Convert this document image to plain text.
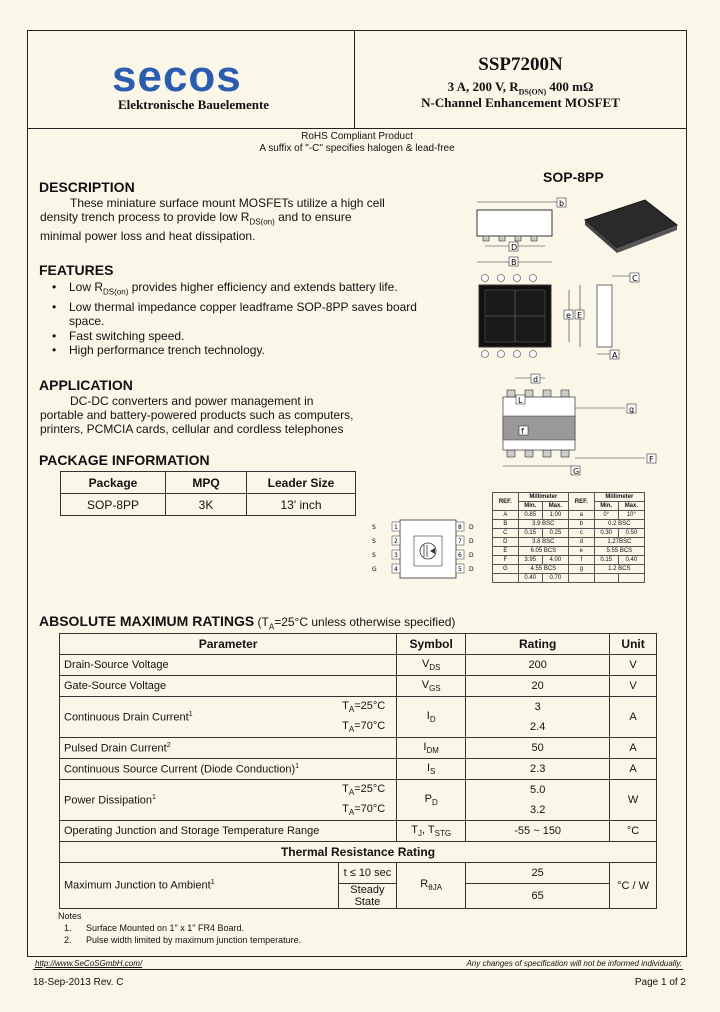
secos
Elektronische Bauelemente
SSP7200N
3 A, 200 V, $R_{DS(ON)}$ 400 mΩ
N-Channel Enhancement MOSFET
RoHS Compliant Product
A suffix of "-C" specifies halogen & lead-free
DESCRIPTION
These miniature surface mount MOSFETs utilize a high cell
density trench process to provide low $R_{DS(on)}$ and to ensure
minimal power loss and heat dissipation.
FEATURES
• Low $R_{DS(on)}$ provides higher efficiency and extends battery life.
• Low thermal impedance copper leadframe SOP-8PP saves board space.
• Fast switching speed.
• High performance trench technology.
APPLICATION
DC-DC converters and power management in
portable and battery-powered products such as computers,
printers, PCMCIA cards, cellular and cordless telephones
PACKAGE INFORMATION
Package	MPQ	Leader Size
SOP-8PP	3K	13' inch
SOP-8PP
b
D
B
C
e E
A
d
L
g
f
F
G
1
2
3
4
8
7
6
5
S
S
S
G
D
D
D
D
REF.	Millimeter		REF.	Millimeter	
	Min.	Max.		Min.	Max.
A	0.85	1.00	a	0°	10°
B	3.9 BSC		b	0.2 BSC	
C	0.15	0.25	c	0.30	0.50
D	3.8 BSC		d	1.27BSC	
E	6.05 BCS		e	5.55 BCS	
F	3.95	4.00	f	0.15	0.40
G	4.55 BCS		g	1.2 BCS	
	0.40	0.70			
ABSOLUTE MAXIMUM RATINGS ($T_A=25^\circ C$ unless otherwise specified)
Parameter		Symbol	Rating	Unit
Drain-Source Voltage		$V_{DS}$	200	V
Gate-Source Voltage		$V_{GS}$	20	V
Continuous Drain Current$^1$	$T_A=25^\circ C$	$I_D$	3	A
	$T_A=70^\circ C$		2.4	
Pulsed Drain Current$^2$		$I_{DM}$	50	A
Continuous Source Current (Diode Conduction)$^1$		$I_S$	2.3	A
Power Dissipation$^1$	$T_A=25^\circ C$	$P_D$	5.0	W
	$T_A=70^\circ C$		3.2	
Operating Junction and Storage Temperature Range		$T_J$, $T_{STG}$	-55 ~ 150	°C
Thermal Resistance Rating				
Maximum Junction to Ambient$^1$	t ≤ 10 sec	$R_{\theta JA}$	25	°C / W
	Steady State		65	
Notes
1. Surface Mounted on 1" x 1" FR4 Board.
2. Pulse width limited by maximum junction temperature.
http://www.SeCoSGmbH.com/	Any changes of specification will not be informed individually.
18-Sep-2013 Rev. C	Page 1 of 2
